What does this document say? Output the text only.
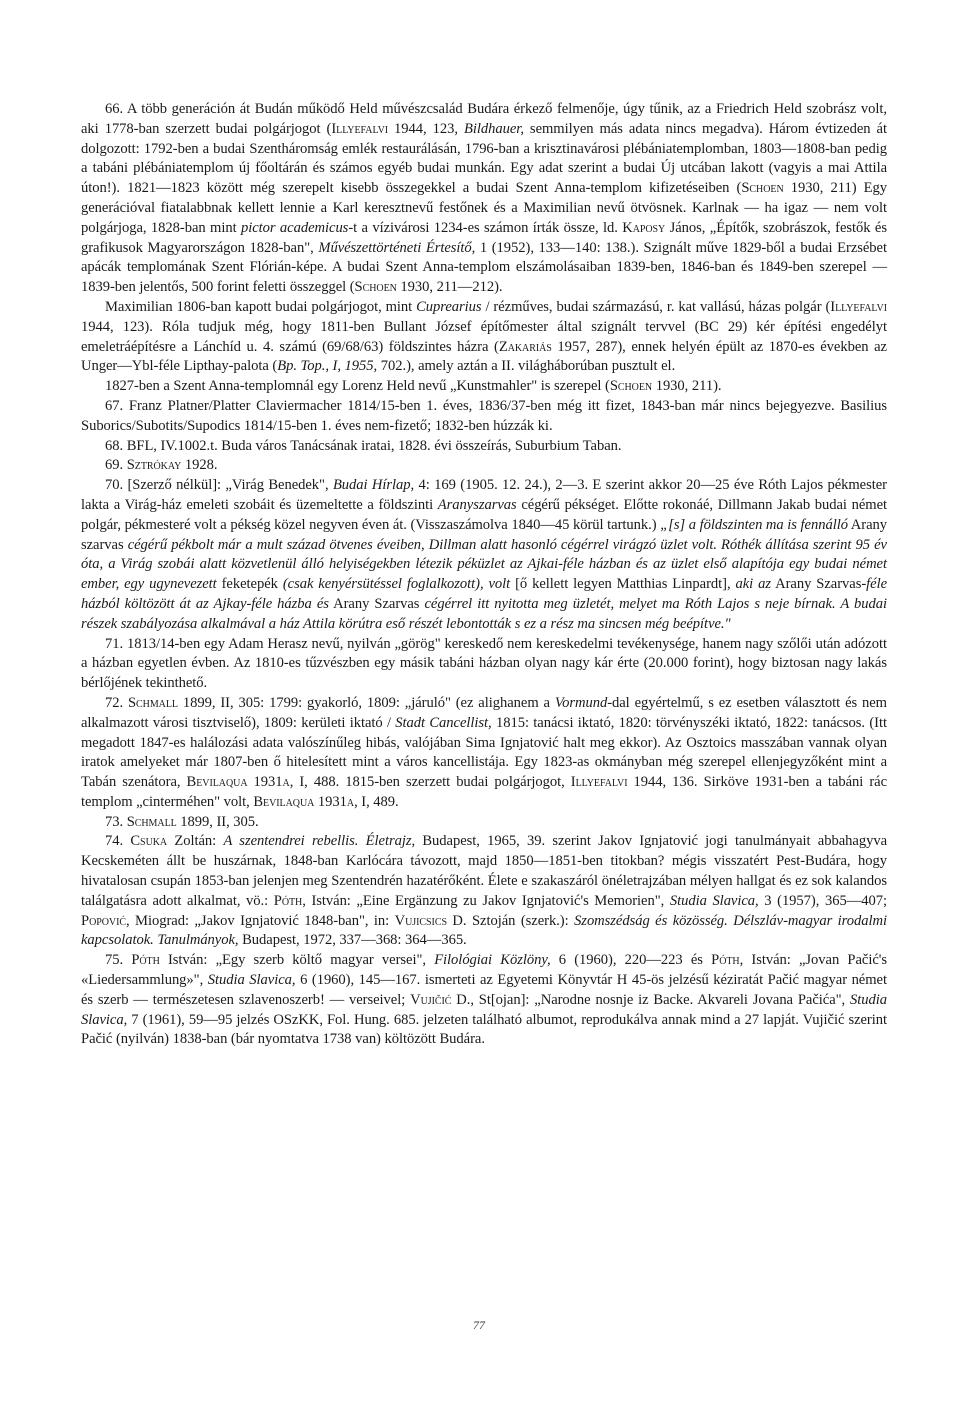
66. A több generáción át Budán működő Held művészcsalád Budára érkező felmenője, úgy tűnik, az a Friedrich Held szobrász volt, aki 1778-ban szerzett budai polgárjogot (Illyefalvi 1944, 123, Bildhauer, semmilyen más adata nincs megadva). Három évtizeden át dolgozott: 1792-ben a budai Szentháromság emlék restaurálásán, 1796-ban a krisztinavárosi plébániatemplomban, 1803—1808-ban pedig a tabáni plébániatemplom új főoltárán és számos egyéb budai munkán. Egy adat szerint a budai Új utcában lakott (vagyis a mai Attila úton!). 1821—1823 között még szerepelt kisebb összegekkel a budai Szent Anna-templom kifizetéseiben (Schoen 1930, 211) Egy generációval fiatalabbnak kellett lennie a Karl keresztnevű festőnek és a Maximilian nevű ötvösnek. Karlnak — ha igaz — nem volt polgárjoga, 1828-ban mint pictor academicus-t a vízivárosi 1234-es számon írták össze, ld. Kaposy János, „Építők, szobrászok, festők és grafikusok Magyarországon 1828-ban", Művészettörténeti Értesítő, 1 (1952), 133—140: 138.). Szignált műve 1829-ből a budai Erzsébet apácák templomának Szent Flórián-képe. A budai Szent Anna-templom elszámolásaiban 1839-ben, 1846-ban és 1849-ben szerepel — 1839-ben jelentős, 500 forint feletti összeggel (Schoen 1930, 211—212).

Maximilian 1806-ban kapott budai polgárjogot, mint Cuprearius / rézműves, budai származású, r. kat vallású, házas polgár (Illyefalvi 1944, 123). Róla tudjuk még, hogy 1811-ben Bullant József építőmester által szignált tervvel (BC 29) kér építési engedélyt emeletráépítésre a Lánchíd u. 4. számú (69/68/63) földszintes házra (Zakariás 1957, 287), ennek helyén épült az 1870-es években az Unger—Ybl-féle Lipthay-palota (Bp. Top., I, 1955, 702.), amely aztán a II. világháborúban pusztult el.

1827-ben a Szent Anna-templomnál egy Lorenz Held nevű „Kunstmahler" is szerepel (Schoen 1930, 211).

67. Franz Platner/Platter Claviermacher 1814/15-ben 1. éves, 1836/37-ben még itt fizet, 1843-ban már nincs bejegyezve. Basilius Suborics/Subotits/Supodics 1814/15-ben 1. éves nem-fizető; 1832-ben húzzák ki.

68. BFL, IV.1002.t. Buda város Tanácsának iratai, 1828. évi összeírás, Suburbium Taban.

69. Sztrókay 1928.

70. [Szerző nélkül]: „Virág Benedek", Budai Hírlap, 4: 169 (1905. 12. 24.), 2—3. E szerint akkor 20—25 éve Róth Lajos pékmester lakta a Virág-ház emeleti szobáit és üzemeltette a földszinti Aranyszarvas cégérű pékséget. Előtte rokonáé, Dillmann Jakab budai német polgár, pékmesteré volt a pékség közel negyven éven át. (Visszaszámolva 1840—45 körül tartunk.) „[s] a földszinten ma is fennálló Arany szarvas cégérű pékbolt már a mult század ötvenes éveiben, Dillman alatt hasonló cégérrel virágzó üzlet volt. Róthék állítása szerint 95 év óta, a Virág szobái alatt közvetlenül álló helyiségekben létezik péküzlet az Ajkai-féle házban és az üzlet első alapítója egy budai német ember, egy ugynevezett feketepék (csak kenyérsütéssel foglalkozott), volt [ő kellett legyen Matthias Linpardt], aki az Arany Szarvas-féle házból költözött át az Ajkay-féle házba és Arany Szarvas cégérrel itt nyitotta meg üzletét, melyet ma Róth Lajos s neje bírnak. A budai részek szabályozása alkalmával a ház Attila körútra eső részét lebontották s ez a rész ma sincsen még beépítve."

71. 1813/14-ben egy Adam Herasz nevű, nyilván „görög" kereskedő nem kereskedelmi tevékenysége, hanem nagy szőlői után adózott a házban egyetlen évben. Az 1810-es tűzvészben egy másik tabáni házban olyan nagy kár érte (20.000 forint), hogy biztosan nagy lakás bérlőjének tekinthető.

72. Schmall 1899, II, 305: 1799: gyakorló, 1809: „járuló" (ez alighanem a Vormund-dal egyértelmű, s ez esetben választott és nem alkalmazott városi tisztviselő), 1809: kerületi iktató / Stadt Cancellist, 1815: tanácsi iktató, 1820: törvényszéki iktató, 1822: tanácsos. (Itt megadott 1847-es halálozási adata valószínűleg hibás, valójában Sima Ignjatović halt meg ekkor). Az Osztoics masszában vannak olyan iratok amelyeket már 1807-ben ő hitelesített mint a város kancellistája. Egy 1823-as okmányban még szerepel ellenjegyzőként mint a Tabán szenátora, Bevilaqua 1931a, I, 488. 1815-ben szerzett budai polgárjogot, Illyefalvi 1944, 136. Sirköve 1931-ben a tabáni rác templom „cinterméhen" volt, Bevilaqua 1931a, I, 489.

73. Schmall 1899, II, 305.

74. Csuka Zoltán: A szentendrei rebellis. Életrajz, Budapest, 1965, 39. szerint Jakov Ignjatović jogi tanulmányait abbahagyva Kecskeméten állt be huszárnak, 1848-ban Karlócára távozott, majd 1850—1851-ben titokban? mégis visszatért Pest-Budára, hogy hivatalosan csupán 1853-ban jelenjen meg Szentendrén hazatérőként. Élete e szakaszáról önéletrajzában mélyen hallgat és ez sok kalandos találgatásra adott alkalmat, vö.: Póth, István: „Eine Ergänzung zu Jakov Ignjatović's Memorien", Studia Slavica, 3 (1957), 365—407; Popović, Miograd: „Jakov Ignjatović 1848-ban", in: Vujicsics D. Sztoján (szerk.): Szomszédság és közösség. Délszláv-magyar irodalmi kapcsolatok. Tanulmányok, Budapest, 1972, 337—368: 364—365.

75. Póth István: „Egy szerb költő magyar versei", Filológiai Közlöny, 6 (1960), 220—223 és Póth, István: „Jovan Pačić's «Liedersammlung»", Studia Slavica, 6 (1960), 145—167. ismerteti az Egyetemi Könyvtár H 45-ös jelzésű kéziratát Pačić magyar német és szerb — természetesen szlavenoszerb! — verseivel; Vujičić D., St[ojan]: „Narodne nosnje iz Backe. Akvareli Jovana Pačića", Studia Slavica, 7 (1961), 59—95 jelzés OSzKK, Fol. Hung. 685. jelzeten található albumot, reprodukálva annak mind a 27 lapját. Vujičić szerint Pačić (nyilván) 1838-ban (bár nyomtatva 1738 van) költözött Budára.

77
